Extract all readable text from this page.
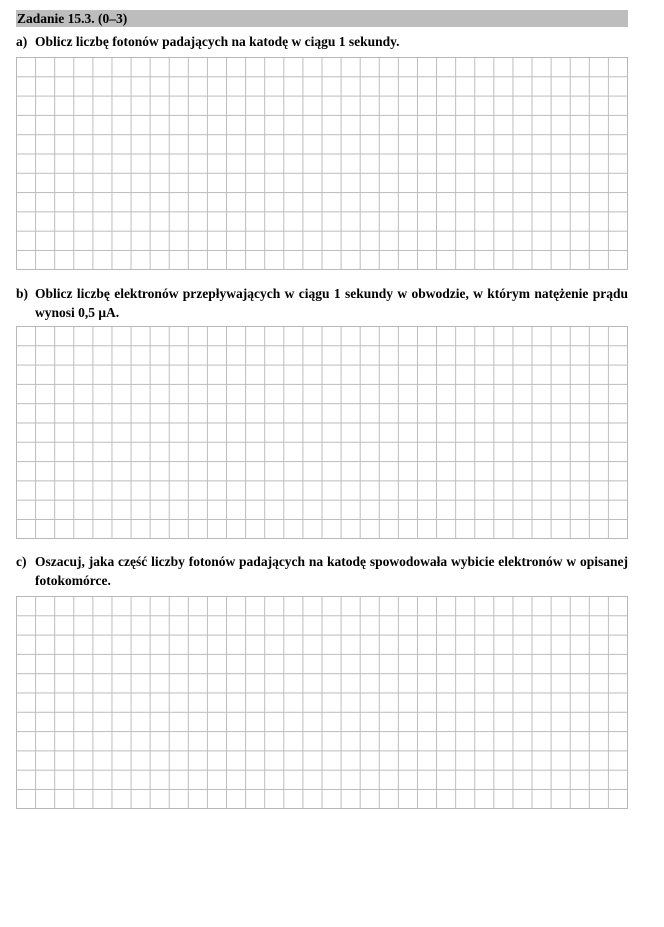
Zadanie 15.3. (0–3)
a) Oblicz liczbę fotonów padających na katodę w ciągu 1 sekundy.
b) Oblicz liczbę elektronów przepływających w ciągu 1 sekundy w obwodzie, w którym natężenie prądu wynosi 0,5 μA.
c) Oszacuj, jaka część liczby fotonów padających na katodę spowodowała wybicie elektronów w opisanej fotokomórce.
